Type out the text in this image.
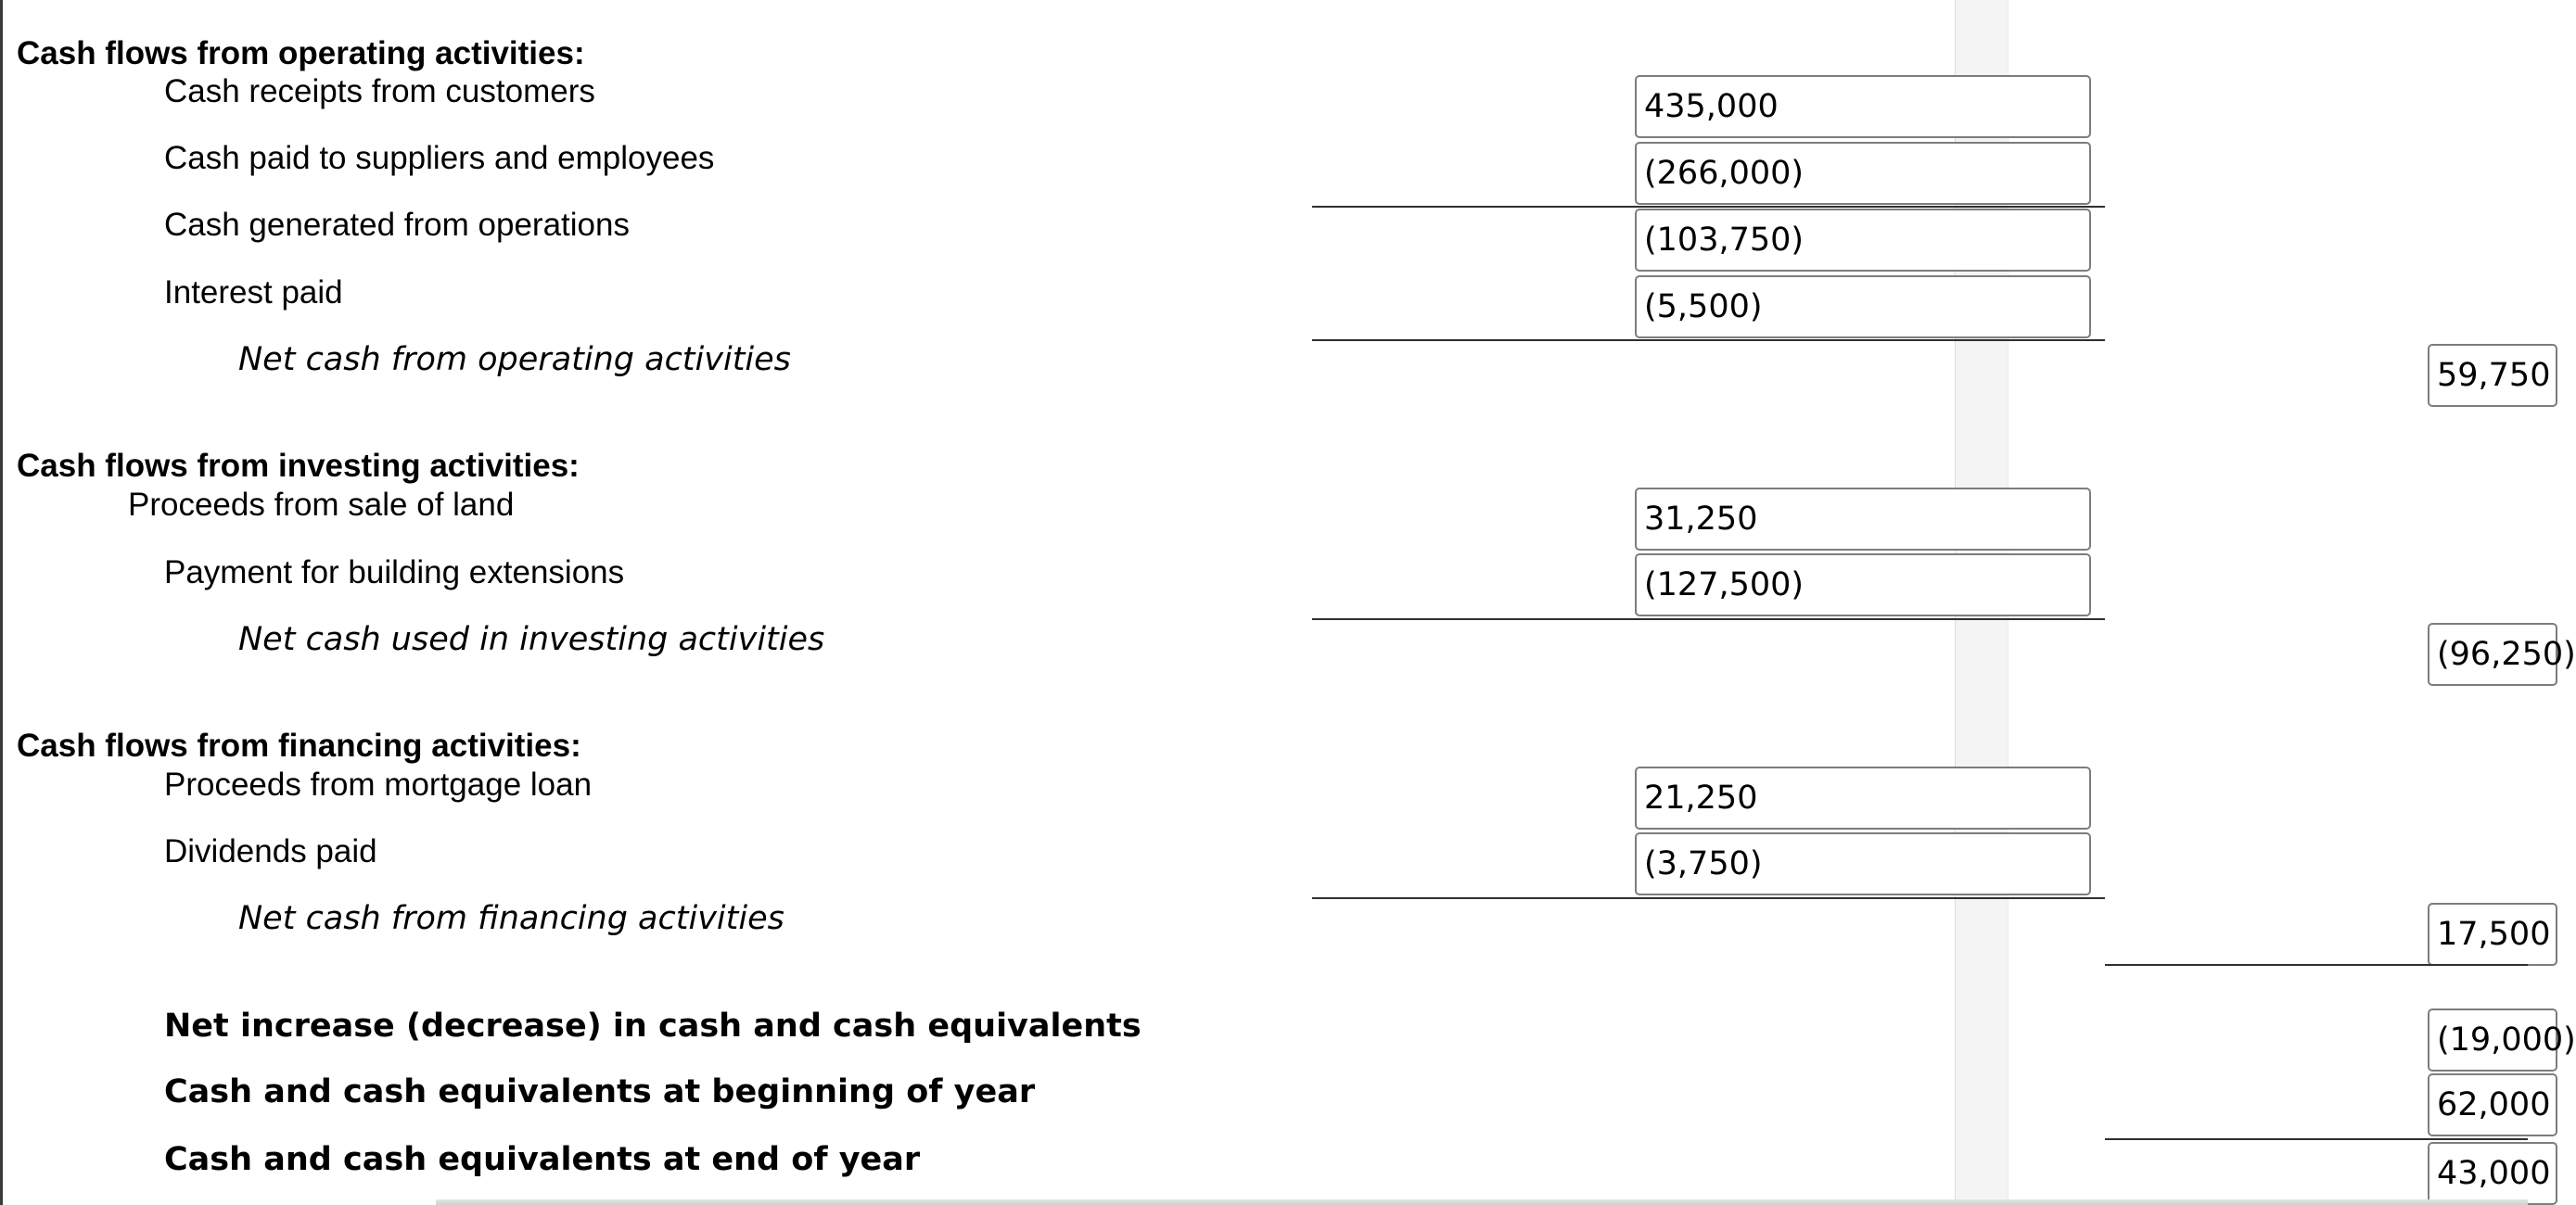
Cash flows from operating activities:
Cash receipts from customers	435,000
Cash paid to suppliers and employees	(266,000)
Cash generated from operations	(103,750)
Interest paid	(5,500)
Net cash from operating activities	59,750
Cash flows from investing activities:
Proceeds from sale of land	31,250
Payment for building extensions	(127,500)
Net cash used in investing activities	(96,250)
Cash flows from financing activities:
Proceeds from mortgage loan	21,250
Dividends paid	(3,750)
Net cash from financing activities	17,500
Net increase (decrease) in cash and cash equivalents	(19,000)
Cash and cash equivalents at beginning of year	62,000
Cash and cash equivalents at end of year	43,000
